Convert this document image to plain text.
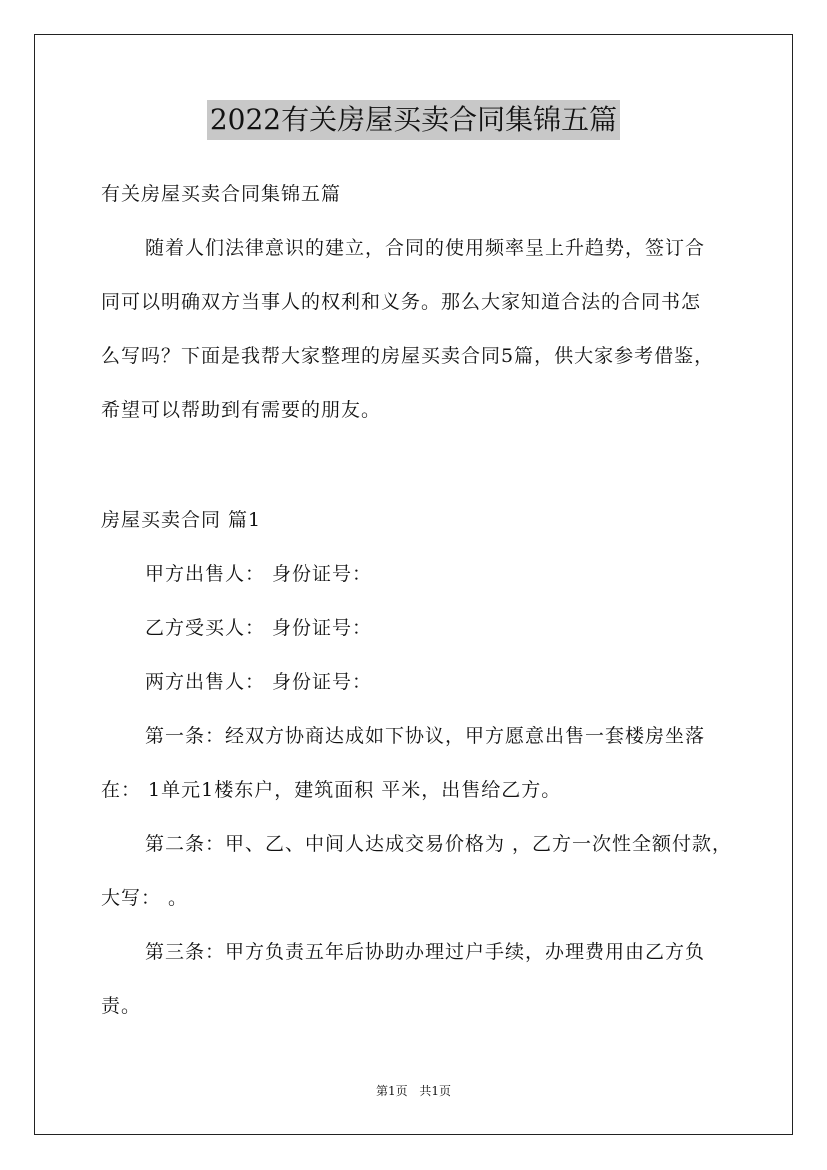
2022有关房屋买卖合同集锦五篇
有关房屋买卖合同集锦五篇
随着人们法律意识的建立，合同的使用频率呈上升趋势，签订合
同可以明确双方当事人的权利和义务。那么大家知道合法的合同书怎
么写吗？下面是我帮大家整理的房屋买卖合同5篇，供大家参考借鉴，
希望可以帮助到有需要的朋友。
房屋买卖合同 篇1
甲方出售人： 身份证号：
乙方受买人： 身份证号：
两方出售人： 身份证号：
第一条：经双方协商达成如下协议，甲方愿意出售一套楼房坐落
在： 1单元1楼东户，建筑面积 平米，出售给乙方。
第二条：甲、乙、中间人达成交易价格为 ，乙方一次性全额付款，
大写： 。
第三条：甲方负责五年后协助办理过户手续，办理费用由乙方负
责。
第1页 共1页
